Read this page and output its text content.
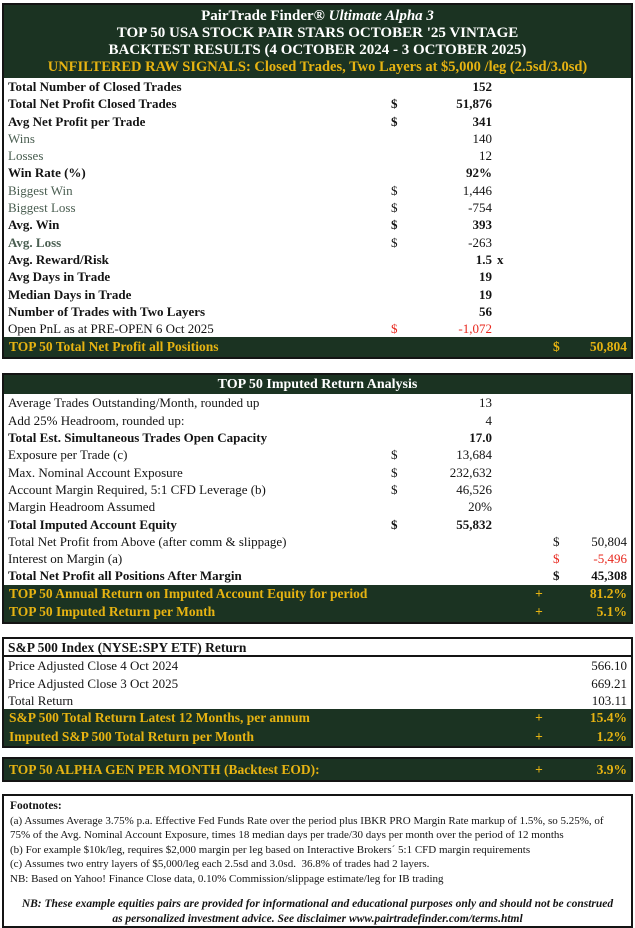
PairTrade Finder® Ultimate Alpha 3
TOP 50 USA STOCK PAIR STARS OCTOBER '25 VINTAGE
BACKTEST RESULTS (4 OCTOBER 2024 - 3 OCTOBER 2025)
UNFILTERED RAW SIGNALS: Closed Trades, Two Layers at $5,000 /leg (2.5sd/3.0sd)
Total Number of Closed Trades	152
Total Net Profit Closed Trades	$	51,876
Avg Net Profit per Trade	$	341
Wins	140
Losses	12
Win Rate (%)	92%
Biggest Win	$	1,446
Biggest Loss	$	-754
Avg. Win	$	393
Avg. Loss	$	-263
Avg. Reward/Risk	1.5 x
Avg Days in Trade	19
Median Days in Trade	19
Number of Trades with Two Layers	56
Open PnL as at PRE-OPEN 6 Oct 2025	$	-1,072
TOP 50 Total Net Profit all Positions	$	50,804
TOP 50 Imputed Return Analysis
Average Trades Outstanding/Month, rounded up	13
Add 25% Headroom, rounded up:	4
Total Est. Simultaneous Trades Open Capacity	17.0
Exposure per Trade (c)	$	13,684
Max. Nominal Account Exposure	$	232,632
Account Margin Required, 5:1 CFD Leverage (b)	$	46,526
Margin Headroom Assumed	20%
Total Imputed Account Equity	$	55,832
Total Net Profit from Above (after comm & slippage)	$	50,804
Interest on Margin (a)	$	-5,496
Total Net Profit all Positions After Margin	$	45,308
TOP 50 Annual Return on Imputed Account Equity for period	+	81.2%
TOP 50 Imputed Return per Month	+	5.1%
S&P 500 Index (NYSE:SPY ETF) Return
Price Adjusted Close 4 Oct 2024	566.10
Price Adjusted Close 3 Oct 2025	669.21
Total Return	103.11
S&P 500 Total Return Latest 12 Months, per annum	+	15.4%
Imputed S&P 500 Total Return per Month	+	1.2%
TOP 50 ALPHA GEN PER MONTH (Backtest EOD):	+	3.9%
Footnotes:
(a) Assumes Average 3.75% p.a. Effective Fed Funds Rate over the period plus IBKR PRO Margin Rate markup of 1.5%, so 5.25%, of 75% of the Avg. Nominal Account Exposure, times 18 median days per trade/30 days per month over the period of 12 months
(b) For example $10k/leg, requires $2,000 margin per leg based on Interactive Brokers´ 5:1 CFD margin requirements
(c) Assumes two entry layers of $5,000/leg each 2.5sd and 3.0sd.  36.8% of trades had 2 layers.
NB: Based on Yahoo! Finance Close data, 0.10% Commission/slippage estimate/leg for IB trading
NB: These example equities pairs are provided for informational and educational purposes only and should not be construed as personalized investment advice. See disclaimer www.pairtradefinder.com/terms.html
